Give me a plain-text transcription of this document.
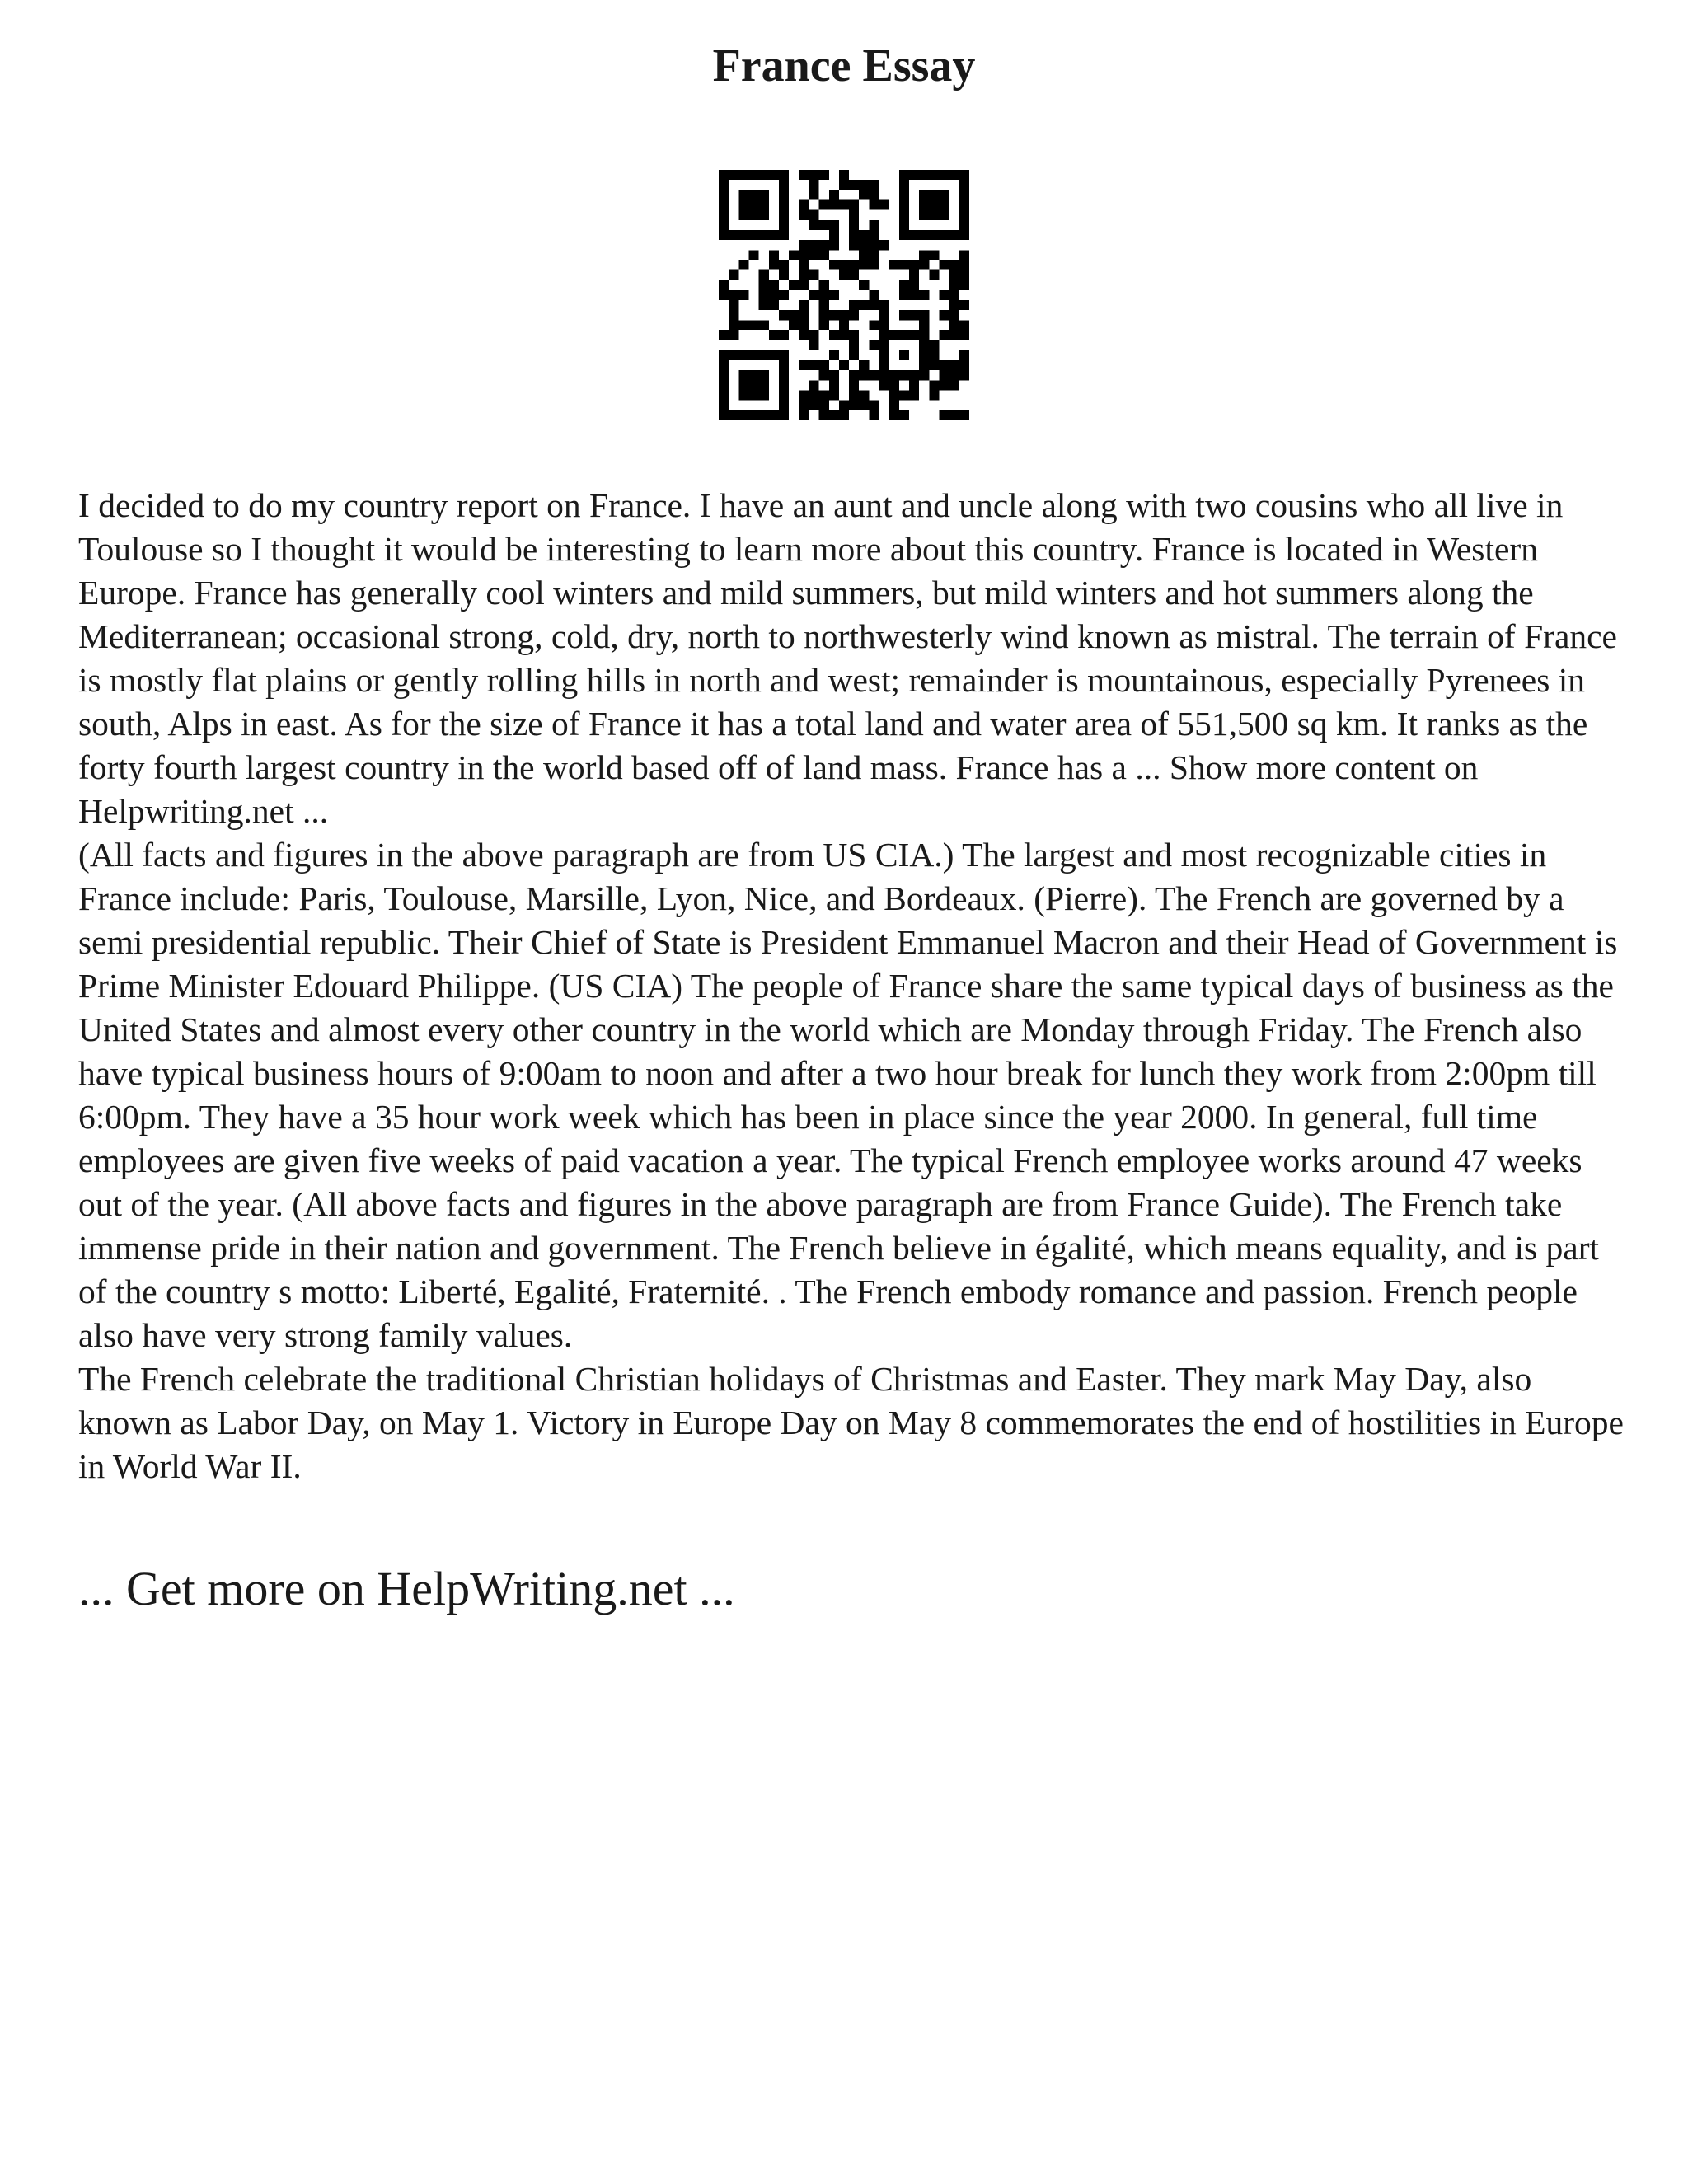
France Essay

I decided to do my country report on France. I have an aunt and uncle along with two cousins who all live in Toulouse so I thought it would be interesting to learn more about this country. France is located in Western Europe. France has generally cool winters and mild summers, but mild winters and hot summers along the Mediterranean; occasional strong, cold, dry, north to northwesterly wind known as mistral. The terrain of France is mostly flat plains or gently rolling hills in north and west; remainder is mountainous, especially Pyrenees in south, Alps in east. As for the size of France it has a total land and water area of 551,500 sq km. It ranks as the forty fourth largest country in the world based off of land mass. France has a ... Show more content on Helpwriting.net ...

(All facts and figures in the above paragraph are from US CIA.) The largest and most recognizable cities in France include: Paris, Toulouse, Marsille, Lyon, Nice, and Bordeaux. (Pierre). The French are governed by a semi presidential republic. Their Chief of State is President Emmanuel Macron and their Head of Government is Prime Minister Edouard Philippe. (US CIA) The people of France share the same typical days of business as the United States and almost every other country in the world which are Monday through Friday. The French also have typical business hours of 9:00am to noon and after a two hour break for lunch they work from 2:00pm till 6:00pm. They have a 35 hour work week which has been in place since the year 2000. In general, full time employees are given five weeks of paid vacation a year. The typical French employee works around 47 weeks out of the year. (All above facts and figures in the above paragraph are from France Guide). The French take immense pride in their nation and government. The French believe in égalité, which means equality, and is part of the country s motto: Liberté, Egalité, Fraternité. . The French embody romance and passion. French people also have very strong family values.

The French celebrate the traditional Christian holidays of Christmas and Easter. They mark May Day, also known as Labor Day, on May 1. Victory in Europe Day on May 8 commemorates the end of hostilities in Europe in World War II.

... Get more on HelpWriting.net ...
